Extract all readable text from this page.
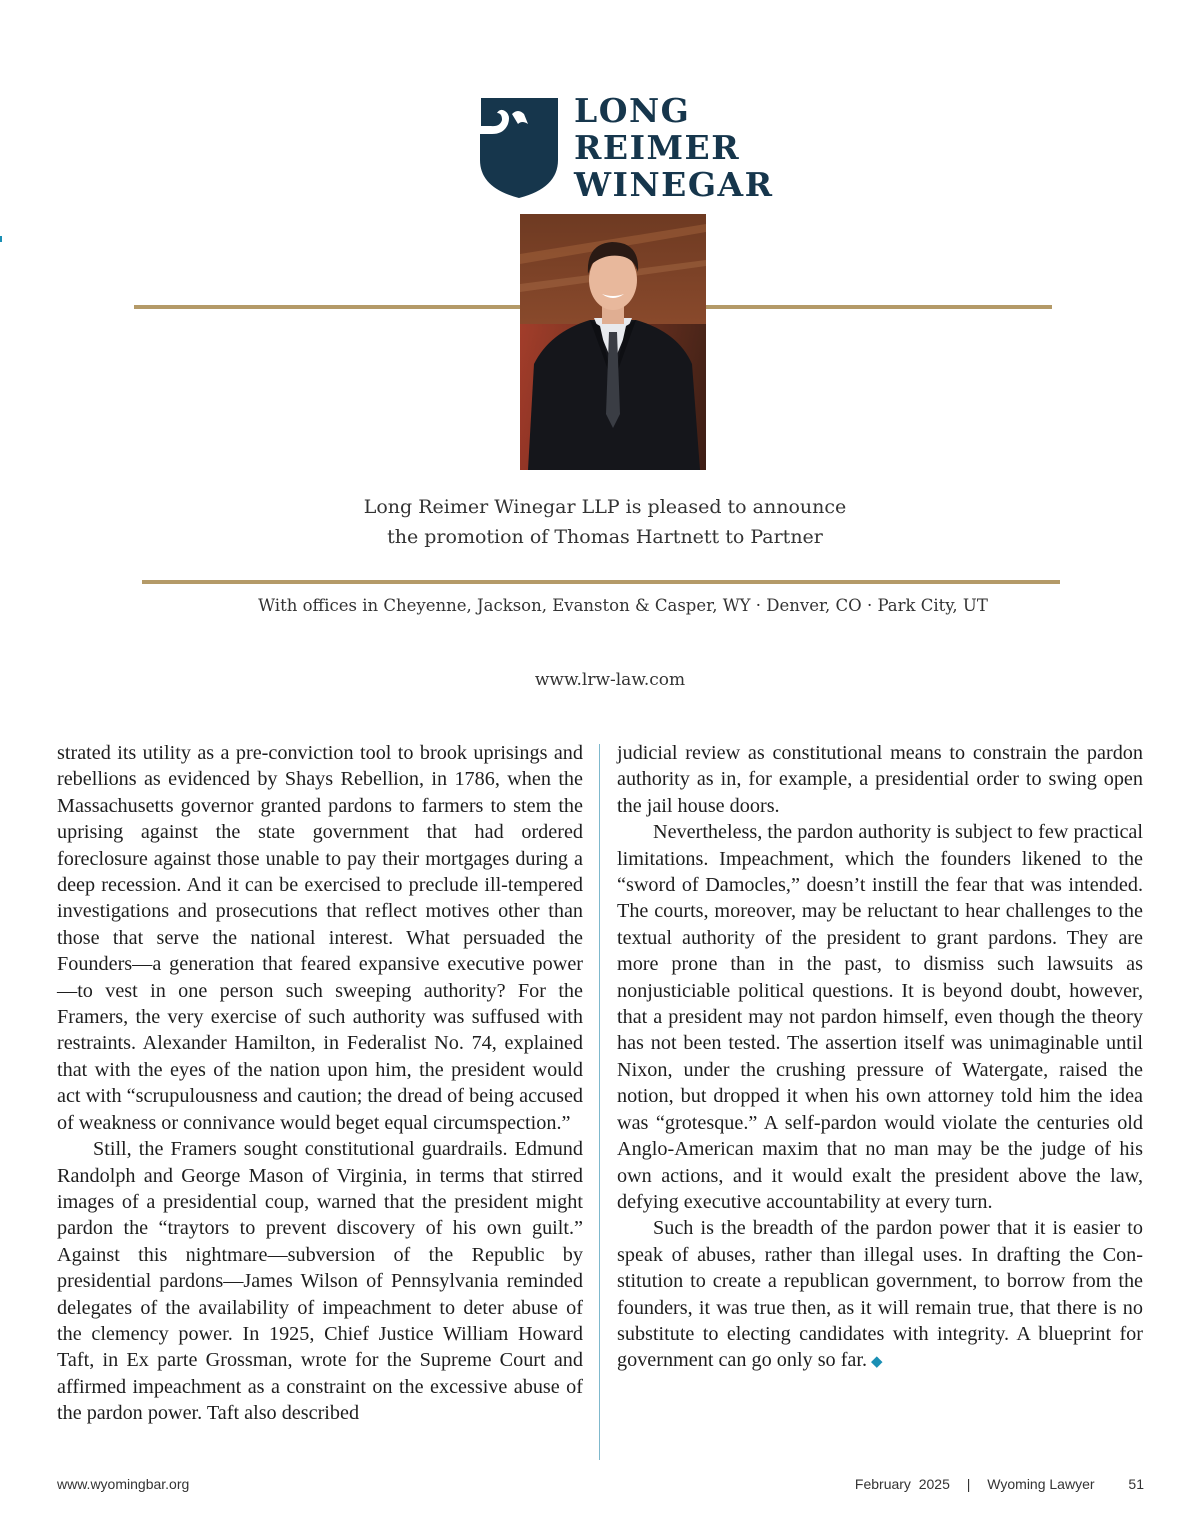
LONG
REIMER
WINEGAR
Long Reimer Winegar LLP is pleased to announce
the promotion of Thomas Hartnett to Partner
With offices in Cheyenne, Jackson, Evanston & Casper, WY · Denver, CO · Park City, UT
www.lrw-law.com

strated its utility as a pre-conviction tool to brook uprisings and rebellions as evidenced by Shays Rebellion, in 1786, when the Massachusetts governor granted pardons to farmers to stem the uprising against the state government that had ordered foreclosure against those unable to pay their mortgages during a deep recession. And it can be exercised to preclude ill-tempered investigations and prosecutions that reflect motives other than those that serve the national interest. What persuaded the Founders—a generation that feared expansive executive power—to vest in one person such sweeping authority? For the Framers, the very exercise of such authority was suffused with restraints. Alexander Hamilton, in Federalist No. 74, explained that with the eyes of the nation upon him, the president would act with “scrupulousness and caution; the dread of being accused of weakness or connivance would beget equal circumspection.”

Still, the Framers sought constitutional guardrails. Edmund Randolph and George Mason of Virginia, in terms that stirred images of a presidential coup, warned that the president might pardon the “traytors to prevent discovery of his own guilt.” Against this nightmare—subversion of the Republic by presidential pardons—James Wilson of Pennsylvania reminded delegates of the availability of impeachment to deter abuse of the clemency power. In 1925, Chief Justice William Howard Taft, in Ex parte Grossman, wrote for the Supreme Court and affirmed impeachment as a constraint on the excessive abuse of the pardon power. Taft also described

judicial review as constitutional means to constrain the pardon authority as in, for example, a presidential order to swing open the jail house doors.

Nevertheless, the pardon authority is subject to few practical limitations. Impeachment, which the founders likened to the “sword of Damocles,” doesn’t instill the fear that was intended. The courts, moreover, may be reluctant to hear challenges to the textual authority of the president to grant pardons. They are more prone than in the past, to dismiss such lawsuits as nonjusticiable political questions. It is beyond doubt, however, that a president may not pardon himself, even though the theory has not been tested. The assertion itself was unimaginable until Nixon, under the crushing pressure of Watergate, raised the notion, but dropped it when his own attorney told him the idea was “grotesque.” A self-pardon would violate the centuries old Anglo-American maxim that no man may be the judge of his own actions, and it would exalt the president above the law, defying executive accountability at every turn.

Such is the breadth of the pardon power that it is easier to speak of abuses, rather than illegal uses. In drafting the Constitution to create a republican government, to borrow from the founders, it was true then, as it will remain true, that there is no substitute to electing candidates with integrity. A blueprint for government can go only so far. ◆

www.wyomingbar.org	February  2025 | Wyoming Lawyer 51
